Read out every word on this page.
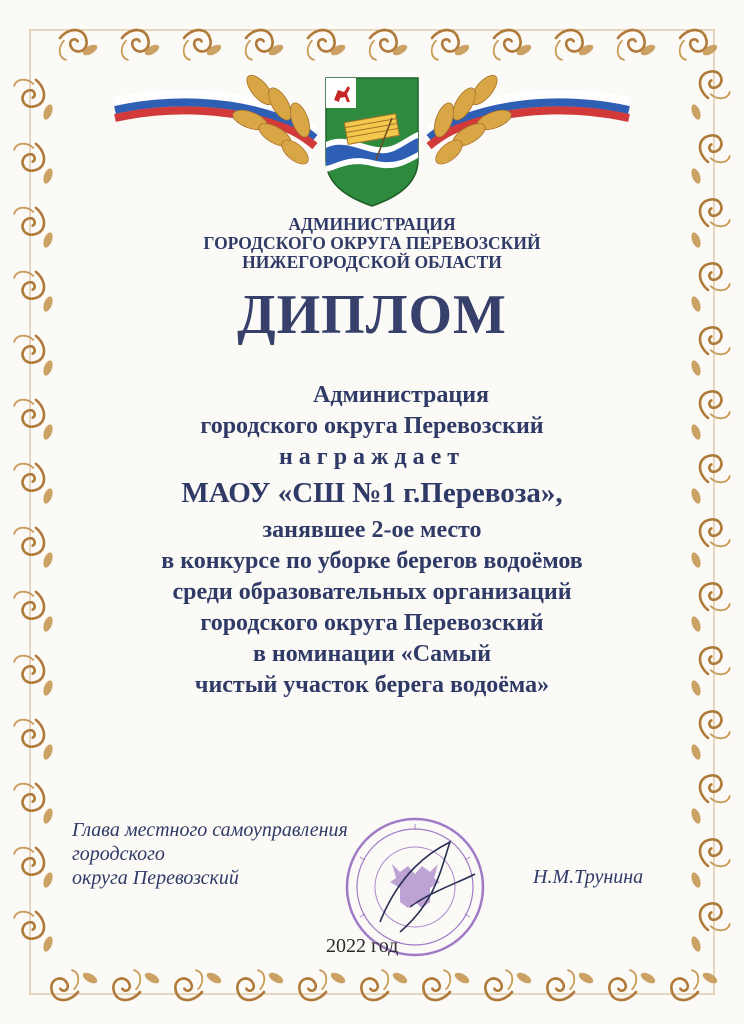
АДМИНИСТРАЦИЯ
ГОРОДСКОГО ОКРУГА ПЕРЕВОЗСКИЙ
НИЖЕГОРОДСКОЙ ОБЛАСТИ
ДИПЛОМ
Администрация
городского округа Перевозский
награждает
МАОУ «СШ №1 г.Перевоза»,
занявшее 2-ое место
в конкурсе по уборке берегов водоёмов
среди образовательных организаций
городского округа Перевозский
в номинации «Самый
чистый участок берега водоёма»
Глава местного самоуправления
городского
округа Перевозский	Н.М.Трунина
2022 год
